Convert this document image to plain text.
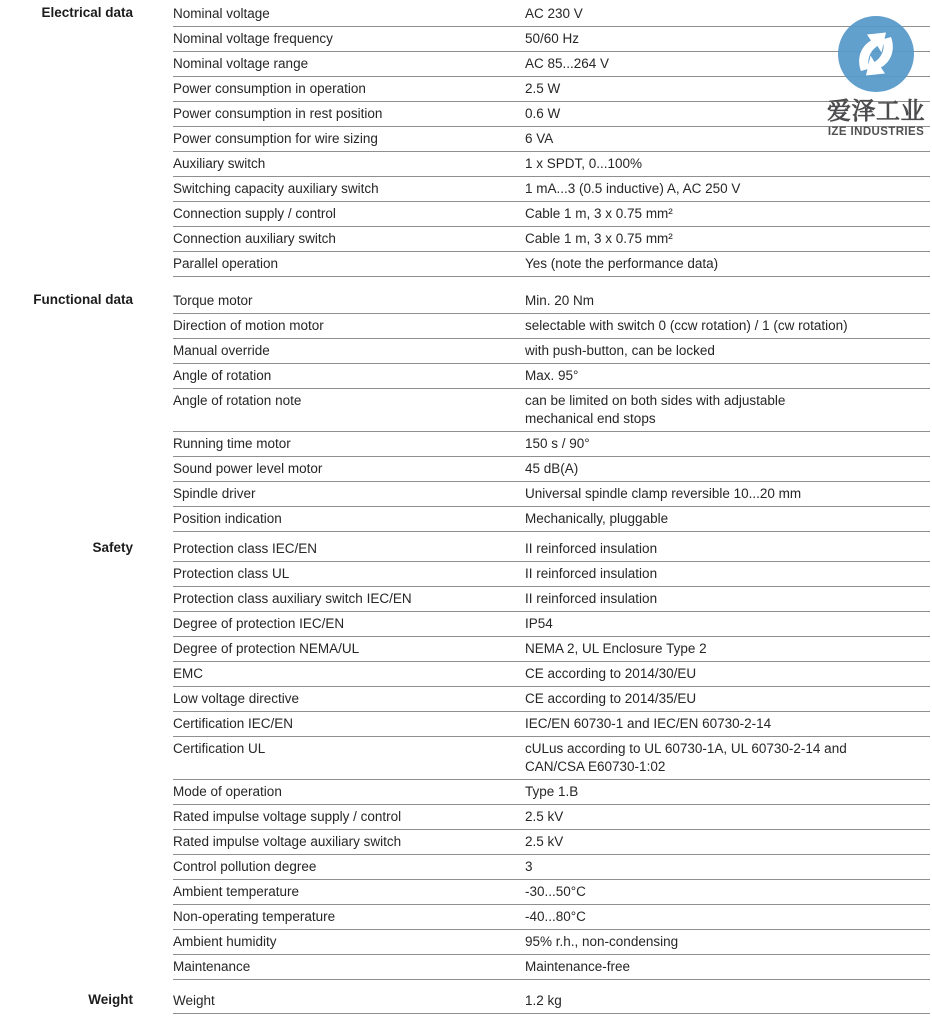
Electrical data	Nominal voltage	AC 230 V
Nominal voltage frequency	50/60 Hz
Nominal voltage range	AC 85...264 V
Power consumption in operation	2.5 W
Power consumption in rest position	0.6 W
Power consumption for wire sizing	6 VA
Auxiliary switch	1 x SPDT, 0...100%
Switching capacity auxiliary switch	1 mA...3 (0.5 inductive) A, AC 250 V
Connection supply / control	Cable 1 m, 3 x 0.75 mm²
Connection auxiliary switch	Cable 1 m, 3 x 0.75 mm²
Parallel operation	Yes (note the performance data)
Functional data	Torque motor	Min. 20 Nm
Direction of motion motor	selectable with switch 0 (ccw rotation) / 1 (cw rotation)
Manual override	with push-button, can be locked
Angle of rotation	Max. 95°
Angle of rotation note	can be limited on both sides with adjustable mechanical end stops
Running time motor	150 s / 90°
Sound power level motor	45 dB(A)
Spindle driver	Universal spindle clamp reversible 10...20 mm
Position indication	Mechanically, pluggable
Safety	Protection class IEC/EN	II reinforced insulation
Protection class UL	II reinforced insulation
Protection class auxiliary switch IEC/EN	II reinforced insulation
Degree of protection IEC/EN	IP54
Degree of protection NEMA/UL	NEMA 2, UL Enclosure Type 2
EMC	CE according to 2014/30/EU
Low voltage directive	CE according to 2014/35/EU
Certification IEC/EN	IEC/EN 60730-1 and IEC/EN 60730-2-14
Certification UL	cULus according to UL 60730-1A, UL 60730-2-14 and CAN/CSA E60730-1:02
Mode of operation	Type 1.B
Rated impulse voltage supply / control	2.5 kV
Rated impulse voltage auxiliary switch	2.5 kV
Control pollution degree	3
Ambient temperature	-30...50°C
Non-operating temperature	-40...80°C
Ambient humidity	95% r.h., non-condensing
Maintenance	Maintenance-free
Weight	Weight	1.2 kg
爱泽工业
IZE INDUSTRIES
